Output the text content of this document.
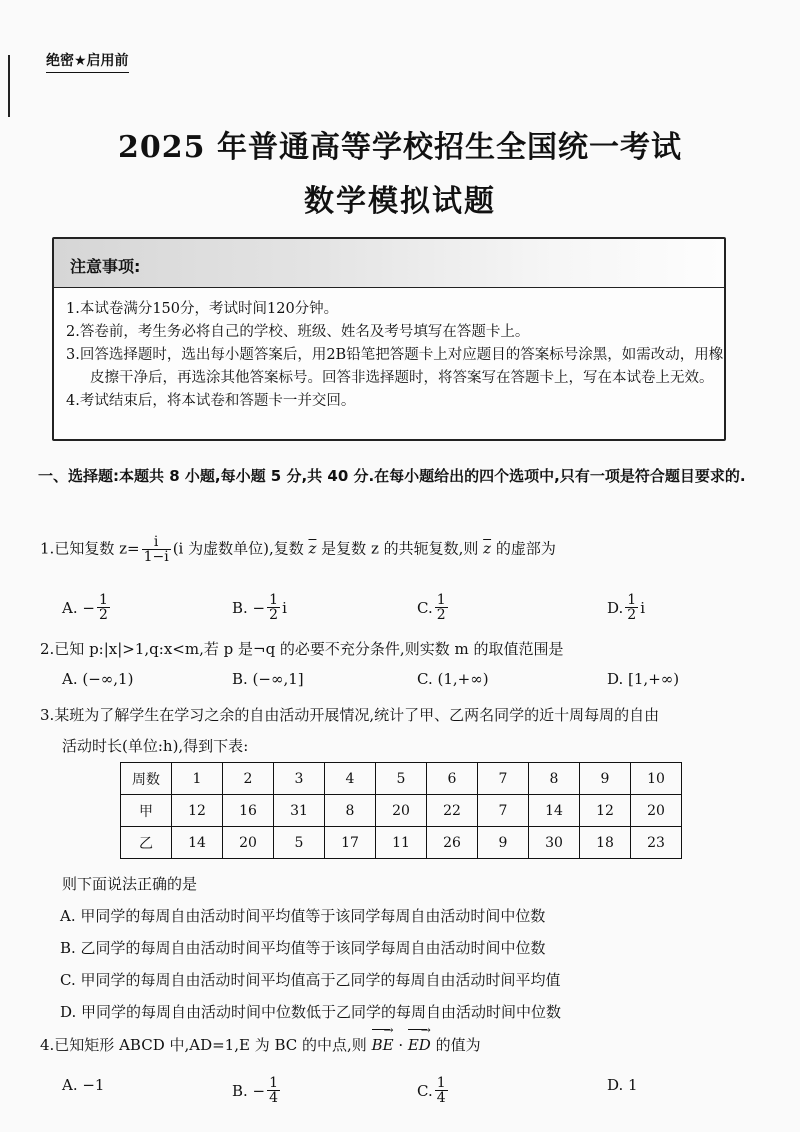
绝密★启用前
2025 年普通高等学校招生全国统一考试
数学模拟试题
注意事项:
1.本试卷满分150分，考试时间120分钟。
2.答卷前，考生务必将自己的学校、班级、姓名及考号填写在答题卡上。
3.回答选择题时，选出每小题答案后，用2B铅笔把答题卡上对应题目的答案标号涂黑，如需改动，用橡皮擦干净后，再选涂其他答案标号。回答非选择题时，将答案写在答题卡上，写在本试卷上无效。
4.考试结束后，将本试卷和答题卡一并交回。
一、选择题:本题共 8 小题,每小题 5 分,共 40 分.在每小题给出的四个选项中,只有一项是符合题目要求的.
1.已知复数 $z= \frac{i}{1-i} (i$ 为虚数单位),复数 $\overline{z}$ 是复数 z 的共轭复数,则 $\overline{z}$ 的虚部为
A. − $\frac{1}{2}$	B. − $\frac{1}{2}$ i	C. $\frac{1}{2}$	D. $\frac{1}{2}$ i
2.已知 p:|x|>1,q:x<m,若 p 是¬q 的必要不充分条件,则实数 m 的取值范围是
A. (−∞,1)	B. (−∞,1]	C. (1,+∞)	D. [1,+∞)
3.某班为了解学生在学习之余的自由活动开展情况,统计了甲、乙两名同学的近十周每周的自由
活动时长(单位:h),得到下表:
周数	1	2	3	4	5	6	7	8	9	10
甲	12	16	31	8	20	22	7	14	12	20
乙	14	20	5	17	11	26	9	30	18	23
则下面说法正确的是
A. 甲同学的每周自由活动时间平均值等于该同学每周自由活动时间中位数
B. 乙同学的每周自由活动时间平均值等于该同学每周自由活动时间中位数
C. 甲同学的每周自由活动时间平均值高于乙同学的每周自由活动时间平均值
D. 甲同学的每周自由活动时间中位数低于乙同学的每周自由活动时间中位数
4.已知矩形 ABCD 中,AD=1,E 为 BC 的中点,则 → BE · → ED 的值为
A. −1	B. − $\frac{1}{4}$	C. $\frac{1}{4}$	D. 1
